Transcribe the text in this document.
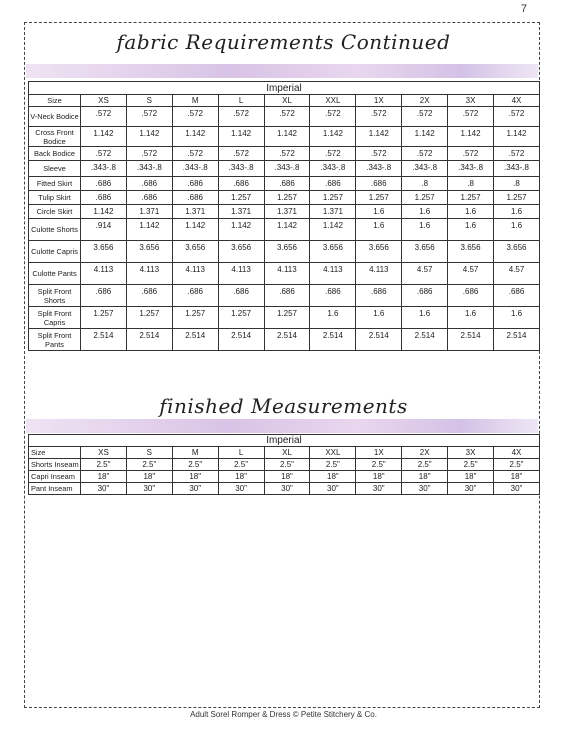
7
fabric Requirements Continued
Imperial										
Size	XS	S	M	L	XL	XXL	1X	2X	3X	4X
V-Neck Bodice	.572	.572	.572	.572	.572	.572	.572	.572	.572	.572
Cross Front Bodice	1.142	1.142	1.142	1.142	1.142	1.142	1.142	1.142	1.142	1.142
Back Bodice	.572	.572	.572	.572	.572	.572	.572	.572	.572	.572
Sleeve	.343-.8	.343-.8	.343-.8	.343-.8	.343-.8	.343-.8	.343-.8	.343-.8	.343-.8	.343-.8
Fitted Skirt	.686	.686	.686	.686	.686	.686	.686	.8	.8	.8
Tulip Skirt	.686	.686	.686	1.257	1.257	1.257	1.257	1.257	1.257	1.257
Circle Skirt	1.142	1.371	1.371	1.371	1.371	1.371	1.6	1.6	1.6	1.6
Culotte Shorts	.914	1.142	1.142	1.142	1.142	1.142	1.6	1.6	1.6	1.6
Culotte Capris	3.656	3.656	3.656	3.656	3.656	3.656	3.656	3.656	3.656	3.656
Culotte Pants	4.113	4.113	4.113	4.113	4.113	4.113	4.113	4.57	4.57	4.57
Split Front Shorts	.686	.686	.686	.686	.686	.686	.686	.686	.686	.686
Split Front Capris	1.257	1.257	1.257	1.257	1.257	1.6	1.6	1.6	1.6	1.6
Split Front Pants	2.514	2.514	2.514	2.514	2.514	2.514	2.514	2.514	2.514	2.514
finished Measurements
Imperial										
Size	XS	S	M	L	XL	XXL	1X	2X	3X	4X
Shorts Inseam	2.5"	2.5"	2.5"	2.5"	2.5"	2.5"	2.5"	2.5"	2.5"	2.5"
Capri Inseam	18"	18"	18"	18"	18"	18"	18"	18"	18"	18"
Pant Inseam	30"	30"	30"	30"	30"	30"	30"	30"	30"	30"
Adult Sorel Romper & Dress © Petite Stitchery & Co.
